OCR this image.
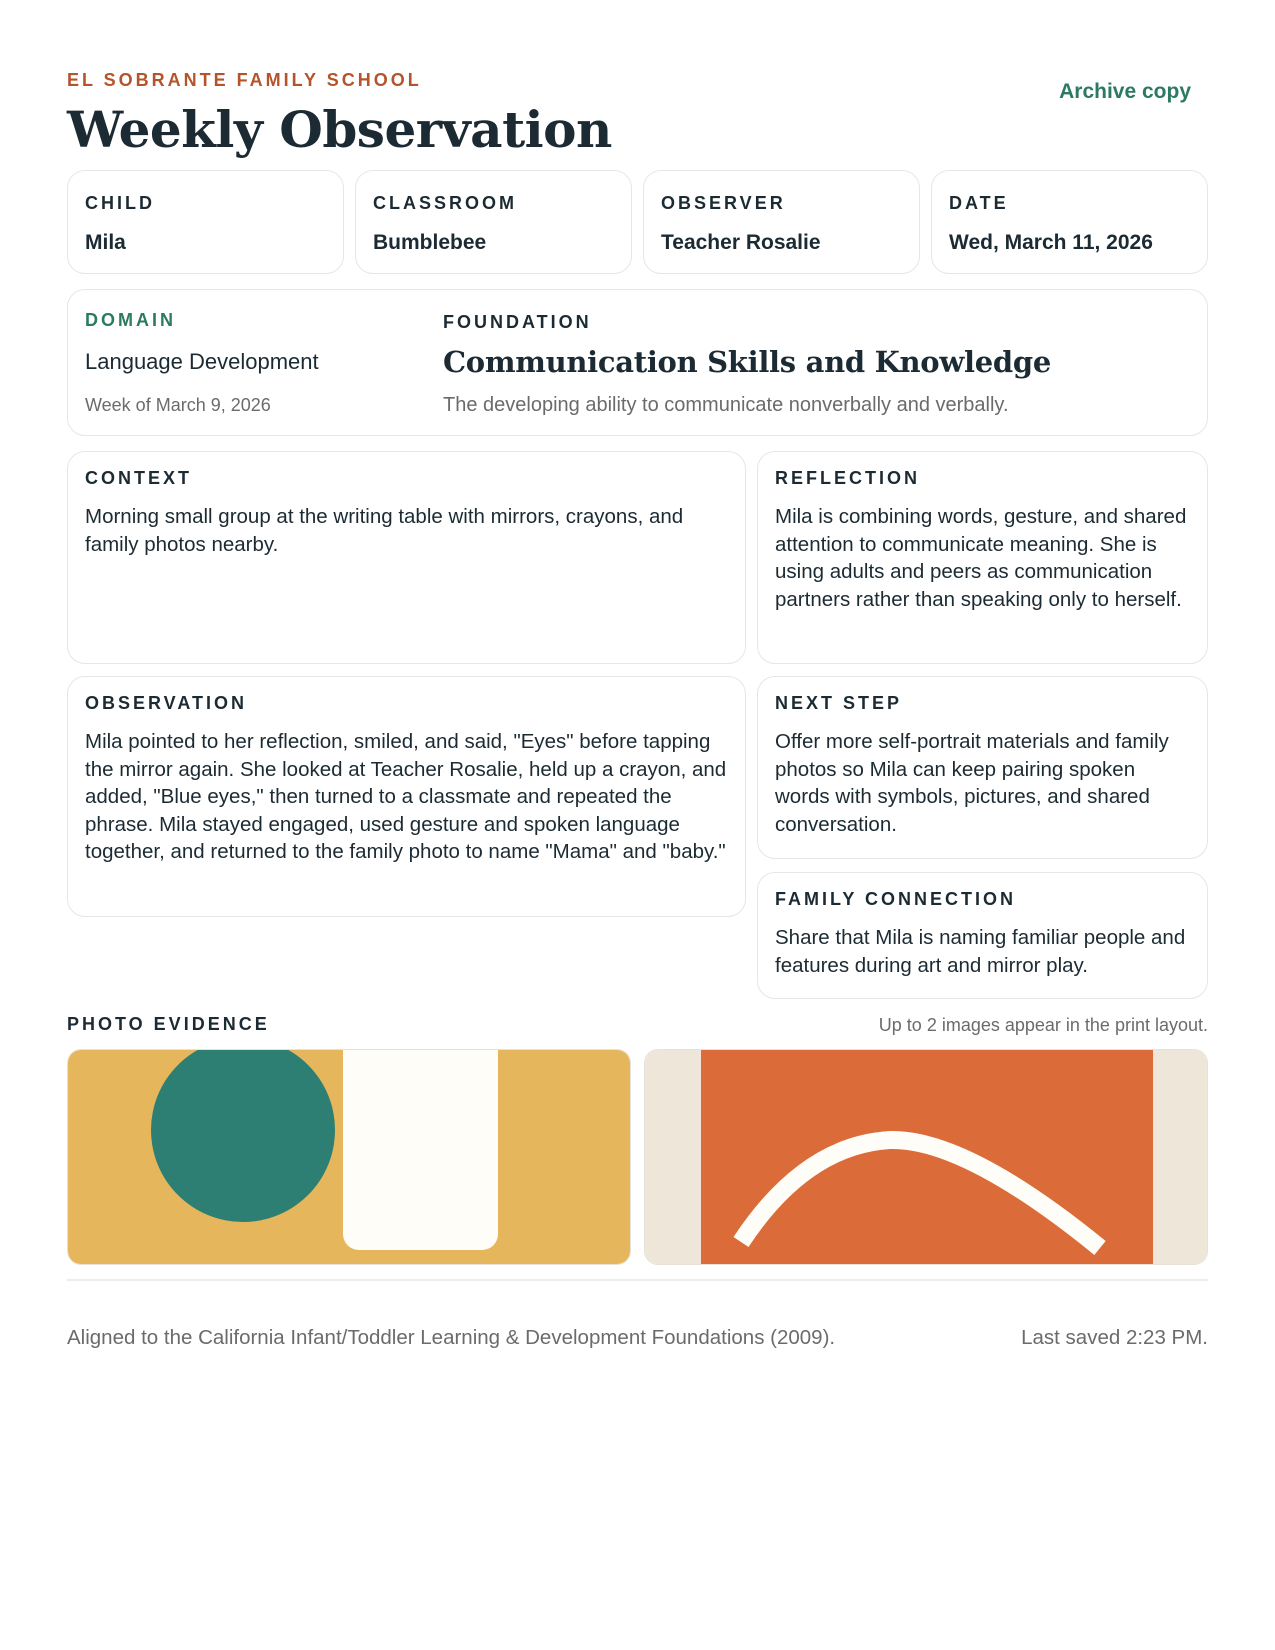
EL SOBRANTE FAMILY SCHOOL
Weekly Observation
Archive copy
CHILD
Mila
CLASSROOM
Bumblebee
OBSERVER
Teacher Rosalie
DATE
Wed, March 11, 2026
DOMAIN
Language Development
Week of March 9, 2026
FOUNDATION
Communication Skills and Knowledge
The developing ability to communicate nonverbally and verbally.
CONTEXT
Morning small group at the writing table with mirrors, crayons, and family photos nearby.
REFLECTION
Mila is combining words, gesture, and shared attention to communicate meaning. She is using adults and peers as communication partners rather than speaking only to herself.
OBSERVATION
Mila pointed to her reflection, smiled, and said, "Eyes" before tapping the mirror again. She looked at Teacher Rosalie, held up a crayon, and added, "Blue eyes," then turned to a classmate and repeated the phrase. Mila stayed engaged, used gesture and spoken language together, and returned to the family photo to name "Mama" and "baby."
NEXT STEP
Offer more self-portrait materials and family photos so Mila can keep pairing spoken words with symbols, pictures, and shared conversation.
FAMILY CONNECTION
Share that Mila is naming familiar people and features during art and mirror play.
PHOTO EVIDENCE	Up to 2 images appear in the print layout.
Aligned to the California Infant/Toddler Learning & Development Foundations (2009).	Last saved 2:23 PM.
